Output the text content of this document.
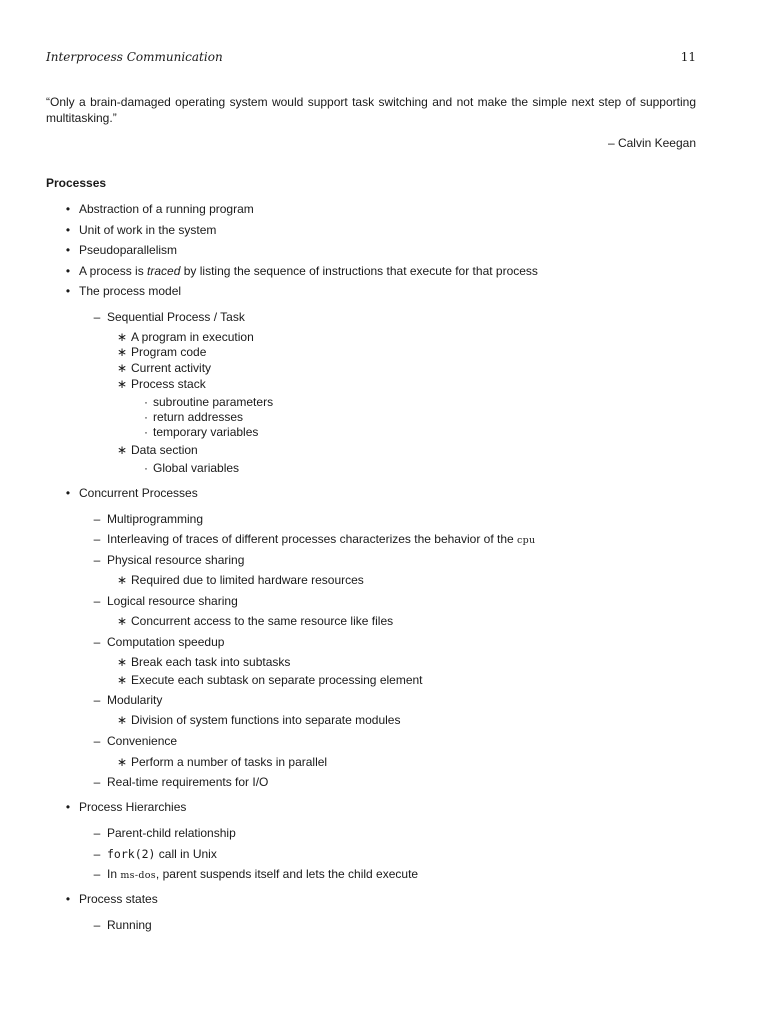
Interprocess Communication	11
“Only a brain-damaged operating system would support task switching and not make the simple next step of supporting multitasking.”
– Calvin Keegan
Processes
• Abstraction of a running program
• Unit of work in the system
• Pseudoparallelism
• A process is traced by listing the sequence of instructions that execute for that process
• The process model
– Sequential Process / Task
∗ A program in execution
∗ Program code
∗ Current activity
∗ Process stack
· subroutine parameters
· return addresses
· temporary variables
∗ Data section
· Global variables
• Concurrent Processes
– Multiprogramming
– Interleaving of traces of different processes characterizes the behavior of the cpu
– Physical resource sharing
∗ Required due to limited hardware resources
– Logical resource sharing
∗ Concurrent access to the same resource like files
– Computation speedup
∗ Break each task into subtasks
∗ Execute each subtask on separate processing element
– Modularity
∗ Division of system functions into separate modules
– Convenience
∗ Perform a number of tasks in parallel
– Real-time requirements for I/O
• Process Hierarchies
– Parent-child relationship
– fork(2) call in Unix
– In ms-dos, parent suspends itself and lets the child execute
• Process states
– Running
